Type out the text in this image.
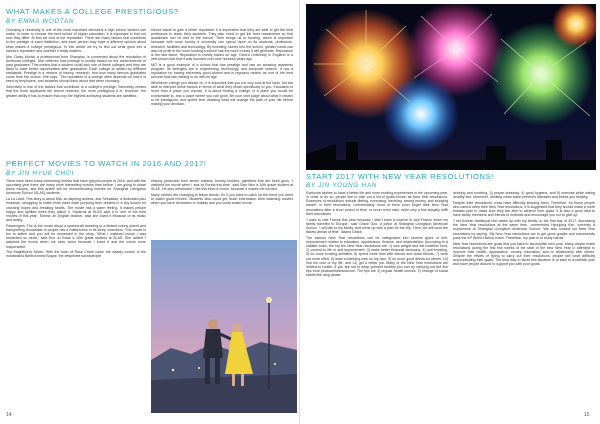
WHAT MAKES A COLLEGE PRESTIGIOUS?
BY EMMA WODTAN

Choosing a university is one of the most important decisions a high school student can make. In order to choose the best school of higher education, it is important to find out how they differ. At first we look at the reputation. There are many factors that contribute to the prestige of each institution, and each person may have a different opinion about what makes a college prestigious. In this article we try to find out what goes into a school's reputation and whether it really matters.

Mrs. Daisy Morita, a professional from Shanghai, is concerned about the reputation of American colleges. She believes that prestige is mostly based on the achievements of past graduates. This means that a student could pick one of these colleges and they are likely to have better opportunities after graduation. Each college is ranked by different standards. Prestige is a mixture of history, research, and how many famous graduates come from the school. She says, 'The reputation of a college often depends on how it is seen by employers, and students should think about that when choosing.'

Selectivity is one of the factors that contribute to a college's prestige. Selectivity means that the more applicants the school receives, the more prestigious it is. However, the greater ability it has to ensure that only the highest achieving students are admitted.

school wants to gain a better reputation it is imperative that they are able to get the best professors to teach their students. They also need to get the best researchers so that academics can be tied to the school. Their brings us to funding, which is important because with more money a university can spend more on its students, professors, research, facilities and technology. By investing money into the school, greater funds can also be profit in the more funding a school has the more money it will generate. Reputation is the last factor. Reputation is mostly based on age. Oxford University in England is a well-known fact that it was founded over nine hundred years ago.

MIT is a good example of a school that has prestige and has an amazing academic program. Its strengths are in engineering, technology, and computer science. It has a reputation for having extremely good alumni and is regularly ranked as one of the best schools that has nothing to do with its age.

Whichever college you decide on, it is important that you not only look at the facts, but are able to interpret these factors in terms of what they mean specifically to you. Education is more than a place you choose, it is about finding a college or a place you would be comfortable in, and a place where you can grow. Be your own judge about what it means to be prestigious, and spend time deciding what will change the path of your life before making your decision.

PERFECT MOVIES TO WATCH IN 2016 AND 2017!
BY JIN HYUK CHOI

There have been many interesting movies that have gripped people in 2016, and with the upcoming year there are many more interesting movies than before. I am going to share these movies, and this article will be recommending movies for Shanghai Livingston American School (SLAS) students.

La La Land: This story is about Mia, an aspiring actress, and Sebastian, a dedicated jazz musician, struggling to make ends meet while pursuing their dreams in a city known for crushing hopes and breaking hearts. The movie has a warm feeling. It makes people happy and uplifted when they watch it. Students at SLAS said it is 'one of the best movies of this year'. Emma, an English teacher, said she loved it because of its music and acting.

Passengers: The is the movie about a spacecraft traveling to a distant colony planet and transporting thousands of people has a malfunction in its sleep chambers. This movie is fun to watch and you will be immersed in the story. 'What I watched movie I was immersed so much,' said Eun Ju Kwak a 10th grade student at SLAS. She added 'I watched the movie when our work down because I loved it and the movie more suspenseful.'

The Magnificent Seven: With the town of Rose Creek under the deadly control of the industrialist Bartholomew Bogue, the desperate townspeople

employ protection from seven outlaws, bounty hunters, gamblers that are hired guns. 'I watched the movie when I was at Florida this time,' said Sam Mun a 10th grade student at SLAS. He also mentioned 'I like this kind of movie, because it makes me excited.'

Many movies are changing to fellow trends. So if you want to catch up the trend you need to watch good movies. Students also could get much information from watching movies when you have recreation or holiday and you could watch movie.

14
START 2017 WITH NEW YEAR RESOLUTIONS!
BY JIN YOUNG HAN

Everyone wishes to have a better life and more exciting experiences in the upcoming year. In order to do so, people like to plan out a list of goals known as New Year resolutions. Examples of resolutions include dieting, exercising, traveling, saving money, and studying harder. In their resolutions, Unfortunately, most of them soon forget their New Year resolutions after a short period of time, or never even start, while only a few actually fulfill their resolutions.

'I want to visit France this year because I didn't have a chance to visit France when my family traveled to Europe,' said Grace Goo, a junior at Shanghai Livingston American School. 'I will talk to my family, and come up with a plan for the trip. Then, we will book the tickets ahead of time,' added Grace.

The various New Year resolutions can be categorized into several types of self-improvement related to education, appearance, finance, and relationships. According to a statistic brain, the top ten New Year resolutions are: 1) lose weight and eat healthier food, 2) commit to life or self-improvement, 3) make better financial decisions, 4) quit smoking, 5) do more exciting activities, 6) spend more time with friends and close friends, 7) work out more often, 8) learn something new on my own, 9) do more good deeds for others, 10) find the love of my life, and 11) get a better job. Many of the New Year resolutions are related to health. If you are not to keep yourself healthy you can try carrying out the five tips from peakwellnesbookcom. The tips are 1) regular health checks, 2) change of social habits like drug abuse,

drinking and smoking, 3) proper dressing, 4) good hygiene, and 5) exercise while eating healthy diet. Moreover, drinking clean water prevents diseases and keeps you healthy.

Despite their resolutions, most have difficulty keeping them. Therefore, for those people who cannot keep their New Year resolutions, it is suggested that they should make a more realistic plan to make sure they are able to achieve their goals. It is also a good idea to have family members and friends to motivate and encourage you not to give up.

'I set Korean traditional rice cakes up with my family on the first day of 2017, discussing the New Year resolutions at the same time,' commented Hyunjung Kim, currently a sophomore at Shanghai Livingston American School. 'We also shared our New Year resolutions by saying, 'My New Year resolutions are to get good grades and successfully pass the AP World History exam. Therefore, my plan is to study harder.'

New Year resolutions are goals that you want to accomplish next year. Many people make resolutions during the first few weeks of the start of the new New Year in attempts to improve their health, appearance, money, education, and or relationship with others. Despite the efforts of trying to carry out their resolutions, people still have difficulty accomplishing their goals. The best way to avoid this situation is to stick to a realistic plan and have people around to support you with your goals.

15
